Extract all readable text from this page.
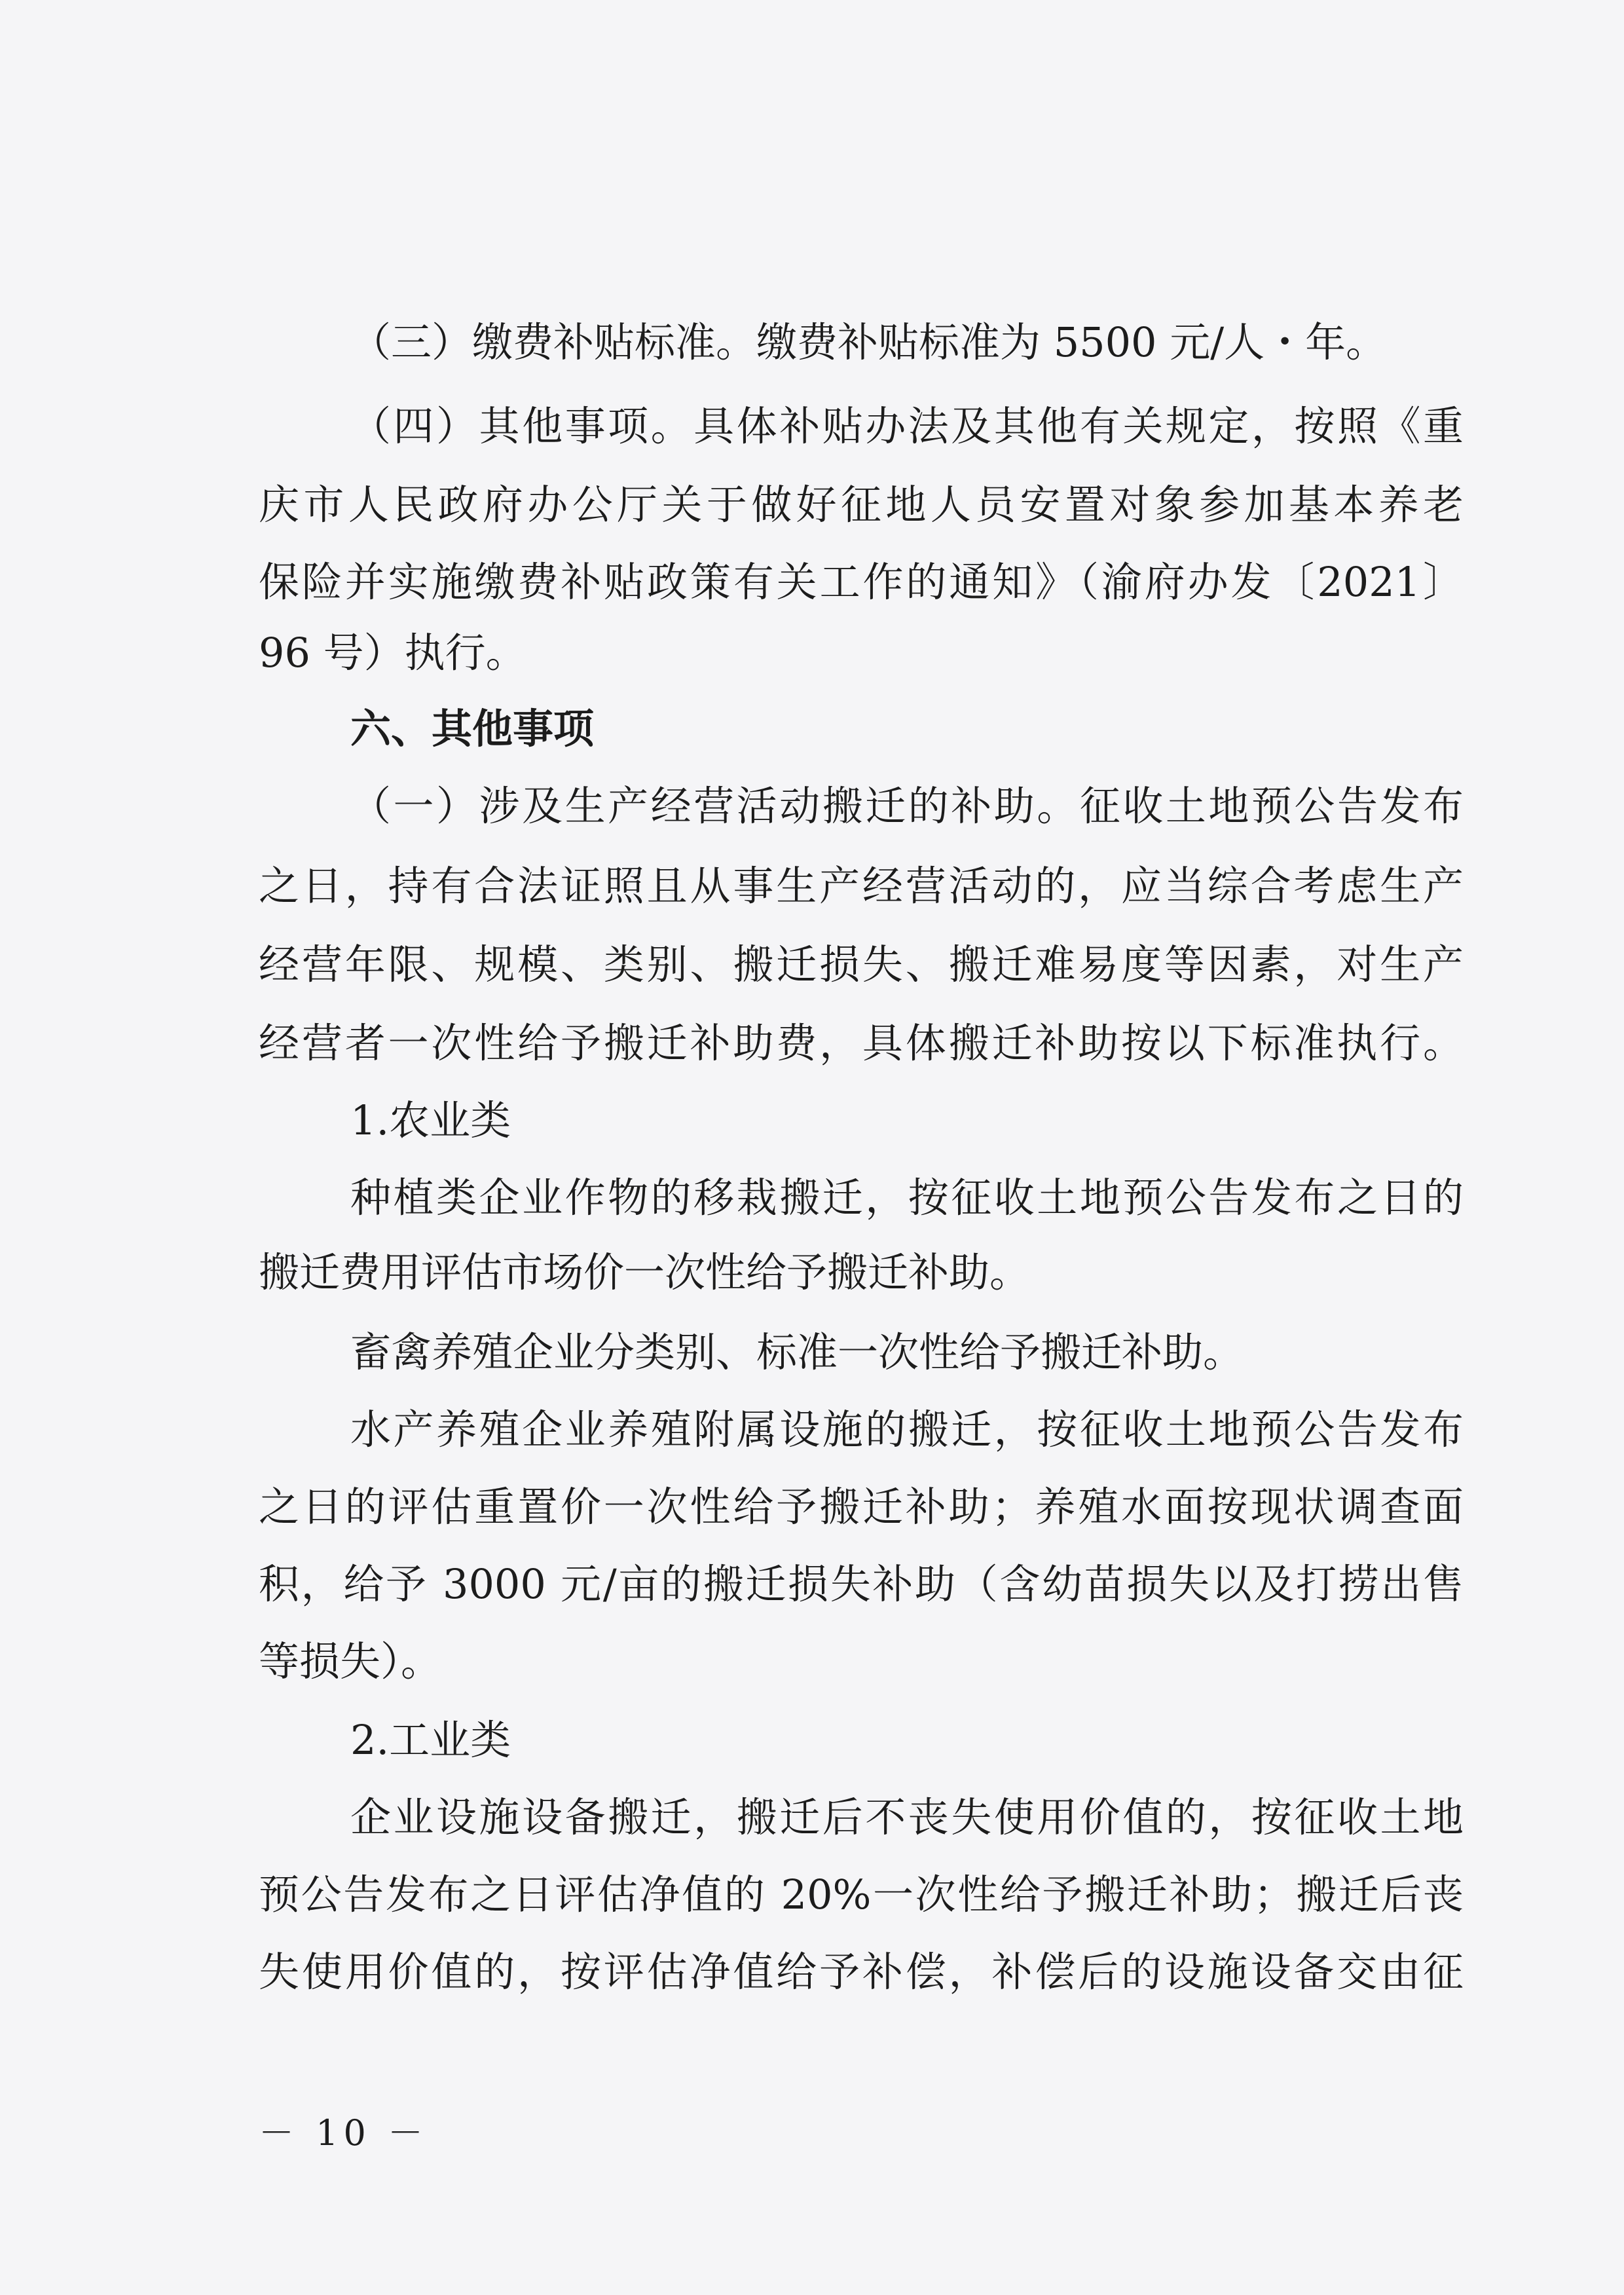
（三）缴费补贴标准。缴费补贴标准为 5500 元/人・年。

（四）其他事项。具体补贴办法及其他有关规定，按照《重

庆市人民政府办公厅关于做好征地人员安置对象参加基本养老

保险并实施缴费补贴政策有关工作的通知》（渝府办发〔2021〕

96 号）执行。

六、其他事项

（一）涉及生产经营活动搬迁的补助。征收土地预公告发布

之日，持有合法证照且从事生产经营活动的，应当综合考虑生产

经营年限、规模、类别、搬迁损失、搬迁难易度等因素，对生产

经营者一次性给予搬迁补助费，具体搬迁补助按以下标准执行。

1.农业类

种植类企业作物的移栽搬迁，按征收土地预公告发布之日的

搬迁费用评估市场价一次性给予搬迁补助。

畜禽养殖企业分类别、标准一次性给予搬迁补助。

水产养殖企业养殖附属设施的搬迁，按征收土地预公告发布

之日的评估重置价一次性给予搬迁补助；养殖水面按现状调查面

积，给予 3000 元/亩的搬迁损失补助（含幼苗损失以及打捞出售

等损失）。

2.工业类

企业设施设备搬迁，搬迁后不丧失使用价值的，按征收土地

预公告发布之日评估净值的 20%一次性给予搬迁补助；搬迁后丧

失使用价值的，按评估净值给予补偿，补偿后的设施设备交由征

－ 10 －
